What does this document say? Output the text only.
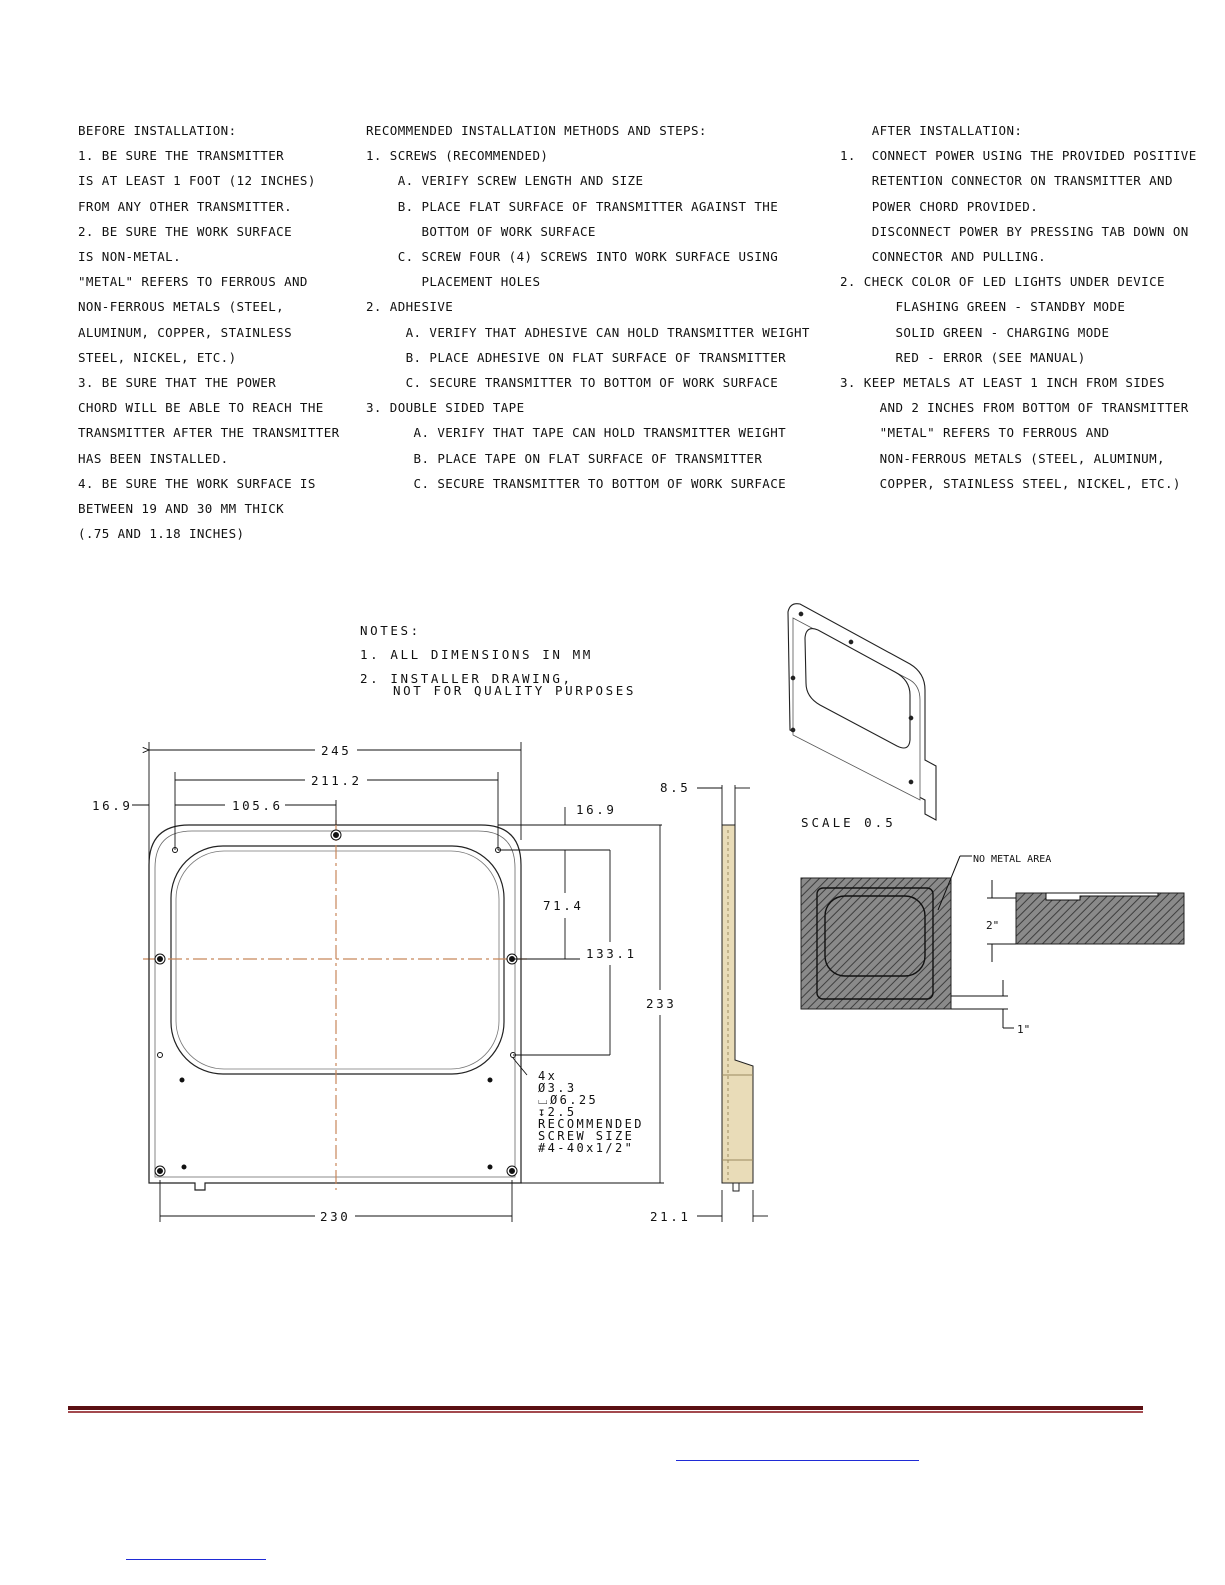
BEFORE INSTALLATION:
1. BE SURE THE TRANSMITTER
IS AT LEAST 1 FOOT (12 INCHES)
FROM ANY OTHER TRANSMITTER.
2. BE SURE THE WORK SURFACE
IS NON-METAL.
"METAL" REFERS TO FERROUS AND
NON-FERROUS METALS (STEEL,
ALUMINUM, COPPER, STAINLESS
STEEL, NICKEL, ETC.)
3. BE SURE THAT THE POWER
CHORD WILL BE ABLE TO REACH THE
TRANSMITTER AFTER THE TRANSMITTER
HAS BEEN INSTALLED.
4. BE SURE THE WORK SURFACE IS
BETWEEN 19 AND 30 MM THICK
(.75 AND 1.18 INCHES)
RECOMMENDED INSTALLATION METHODS AND STEPS:
1. SCREWS (RECOMMENDED)
A. VERIFY SCREW LENGTH AND SIZE
B. PLACE FLAT SURFACE OF TRANSMITTER AGAINST THE
BOTTOM OF WORK SURFACE
C. SCREW FOUR (4) SCREWS INTO WORK SURFACE USING
PLACEMENT HOLES
2. ADHESIVE
A. VERIFY THAT ADHESIVE CAN HOLD TRANSMITTER WEIGHT
B. PLACE ADHESIVE ON FLAT SURFACE OF TRANSMITTER
C. SECURE TRANSMITTER TO BOTTOM OF WORK SURFACE
3. DOUBLE SIDED TAPE
A. VERIFY THAT TAPE CAN HOLD TRANSMITTER WEIGHT
B. PLACE TAPE ON FLAT SURFACE OF TRANSMITTER
C. SECURE TRANSMITTER TO BOTTOM OF WORK SURFACE
AFTER INSTALLATION:
1.  CONNECT POWER USING THE PROVIDED POSITIVE
RETENTION CONNECTOR ON TRANSMITTER AND
POWER CHORD PROVIDED.
DISCONNECT POWER BY PRESSING TAB DOWN ON
CONNECTOR AND PULLING.
2. CHECK COLOR OF LED LIGHTS UNDER DEVICE
FLASHING GREEN - STANDBY MODE
SOLID GREEN - CHARGING MODE
RED - ERROR (SEE MANUAL)
3. KEEP METALS AT LEAST 1 INCH FROM SIDES
AND 2 INCHES FROM BOTTOM OF TRANSMITTER
"METAL" REFERS TO FERROUS AND
NON-FERROUS METALS (STEEL, ALUMINUM,
COPPER, STAINLESS STEEL, NICKEL, ETC.)
NOTES:
1. ALL DIMENSIONS IN MM
2. INSTALLER DRAWING,
NOT FOR QUALITY PURPOSES
245
211.2
16.9	105.6	16.9
71.4
133.1
233
230
4x
Ø3.3
⌴Ø6.25
↧2.5
RECOMMENDED
SCREW SIZE
#4-40x1/2"
8.5
21.1
SCALE 0.5
NO METAL AREA
2"
1"
